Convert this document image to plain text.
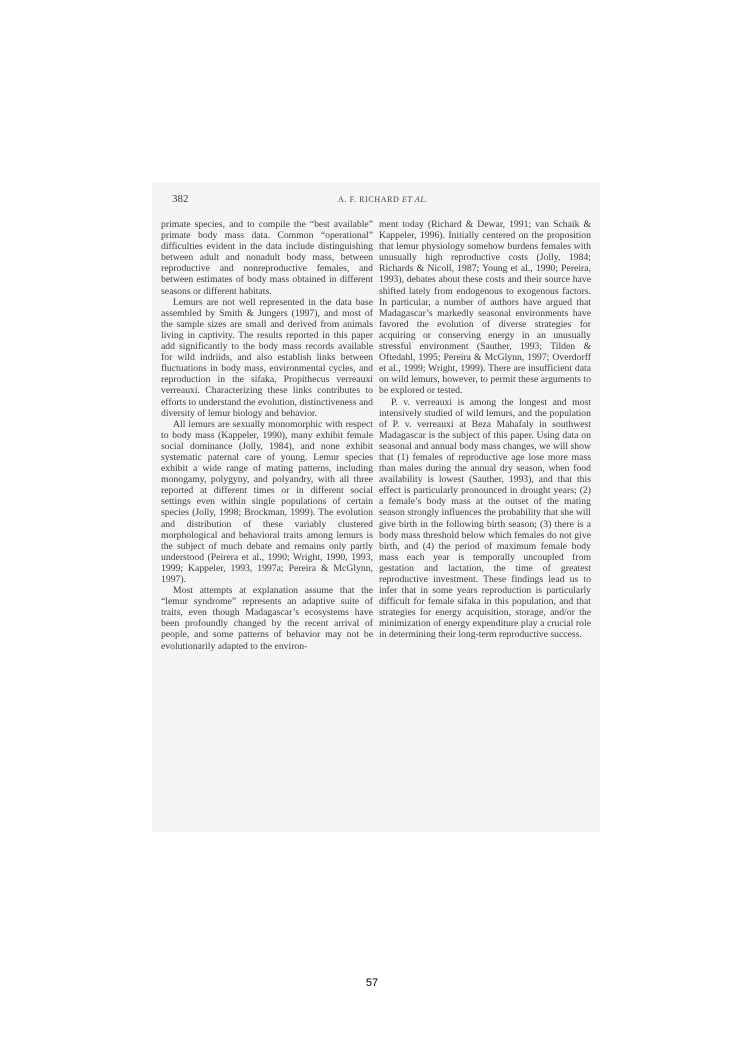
382	A. F. RICHARD ET AL.

primate species, and to compile the “best available” primate body mass data. Common “operational” difficulties evident in the data include distinguishing between adult and nonadult body mass, between reproductive and nonreproductive females, and between estimates of body mass obtained in different seasons or different habitats.

Lemurs are not well represented in the data base assembled by Smith & Jungers (1997), and most of the sample sizes are small and derived from animals living in captivity. The results reported in this paper add significantly to the body mass records available for wild indriids, and also establish links between fluctuations in body mass, environmental cycles, and reproduction in the sifaka, Propithecus verreauxi verreauxi. Characterizing these links contributes to efforts to understand the evolution, distinctiveness and diversity of lemur biology and behavior.

All lemurs are sexually monomorphic with respect to body mass (Kappeler, 1990), many exhibit female social dominance (Jolly, 1984), and none exhibit systematic paternal care of young. Lemur species exhibit a wide range of mating patterns, including monogamy, polygyny, and polyandry, with all three reported at different times or in different social settings even within single populations of certain species (Jolly, 1998; Brockman, 1999). The evolution and distribution of these variably clustered morphological and behavioral traits among lemurs is the subject of much debate and remains only partly understood (Peirera et al., 1990; Wright, 1990, 1993, 1999; Kappeler, 1993, 1997a; Pereira & McGlynn, 1997).

Most attempts at explanation assume that the “lemur syndrome” represents an adaptive suite of traits, even though Madagascar’s ecosystems have been profoundly changed by the recent arrival of people, and some patterns of behavior may not be evolutionarily adapted to the environ-

ment today (Richard & Dewar, 1991; van Schaik & Kappeler, 1996). Initially centered on the proposition that lemur physiology somehow burdens females with unusually high reproductive costs (Jolly, 1984; Richards & Nicoll, 1987; Young et al., 1990; Pereira, 1993), debates about these costs and their source have shifted lately from endogenous to exogenous factors. In particular, a number of authors have argued that Madagascar’s markedly seasonal environments have favored the evolution of diverse strategies for acquiring or conserving energy in an unusually stressful environment (Sauther, 1993; Tilden & Oftedahl, 1995; Pereira & McGlynn, 1997; Overdorff et al., 1999; Wright, 1999). There are insufficient data on wild lemurs, however, to permit these arguments to be explored or tested.

P. v. verreauxi is among the longest and most intensively studied of wild lemurs, and the population of P. v. verreauxi at Beza Mahafaly in southwest Madagascar is the subject of this paper. Using data on seasonal and annual body mass changes, we will show that (1) females of reproductive age lose more mass than males during the annual dry season, when food availability is lowest (Sauther, 1993), and that this effect is particularly pronounced in drought years; (2) a female’s body mass at the outset of the mating season strongly influences the probability that she will give birth in the following birth season; (3) there is a body mass threshold below which females do not give birth, and (4) the period of maximum female body mass each year is temporally uncoupled from gestation and lactation, the time of greatest reproductive investment. These findings lead us to infer that in some years reproduction is particularly difficult for female sifaka in this population, and that strategies for energy acquisition, storage, and/or the minimization of energy expenditure play a crucial role in determining their long-term reproductive success.

57
